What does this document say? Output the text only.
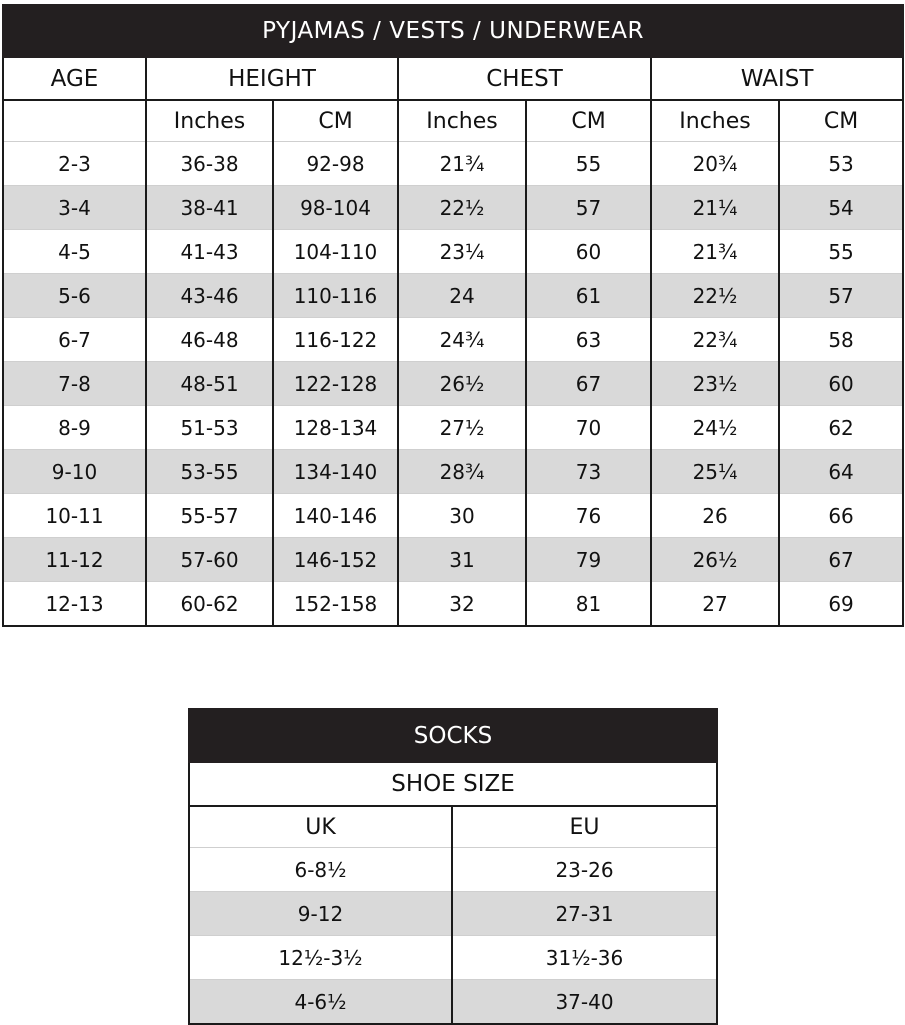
PYJAMAS / VESTS / UNDERWEAR						
AGE	HEIGHT		CHEST		WAIST	
	Inches	CM	Inches	CM	Inches	CM
2-3	36-38	92-98	21¾	55	20¾	53
3-4	38-41	98-104	22½	57	21¼	54
4-5	41-43	104-110	23¼	60	21¾	55
5-6	43-46	110-116	24	61	22½	57
6-7	46-48	116-122	24¾	63	22¾	58
7-8	48-51	122-128	26½	67	23½	60
8-9	51-53	128-134	27½	70	24½	62
9-10	53-55	134-140	28¾	73	25¼	64
10-11	55-57	140-146	30	76	26	66
11-12	57-60	146-152	31	79	26½	67
12-13	60-62	152-158	32	81	27	69
SOCKS	
SHOE SIZE	
UK	EU
6-8½	23-26
9-12	27-31
12½-3½	31½-36
4-6½	37-40
